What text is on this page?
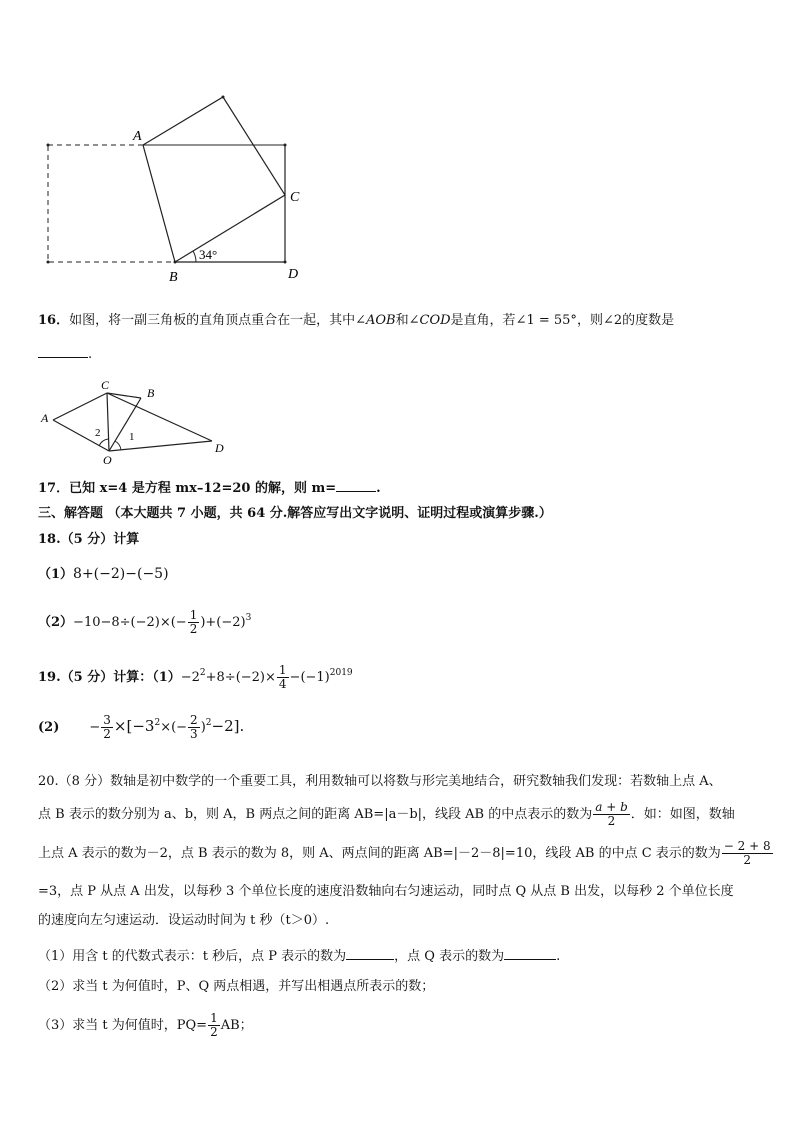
A
B
C
D
34°
16．如图，将一副三角板的直角顶点重合在一起，其中∠AOB和∠COD是直角，若∠1 = 55°，则∠2的度数是
.
C
B
A
O
D
2	1
17．已知 x=4 是方程 mx–12=20 的解，则 m=	.
三、解答题 （本大题共 7 小题，共 64 分.解答应写出文字说明、证明过程或演算步骤.）
18.（5 分）计算
（1）8+(−2)−(−5)
$(2)-10-8\div(-2)\times(- \frac{1}{2} )+(-2)^3$
19.（5 分）计算：$(1)-2^2+8\div(-2)\times \frac{1}{4} -(-1)^{2019}$
$(2) - \frac{3}{2} \times[-3^2\times(- \frac{2}{3} )^2-2]$.
20.（8 分）数轴是初中数学的一个重要工具，利用数轴可以将数与形完美地结合，研究数轴我们发现：若数轴上点 A、
点 B 表示的数分别为 a、b，则 A，B 两点之间的距离 AB=|a－b|，线段 AB 的中点表示的数为 $\frac{a + b}{2}$ ．如：如图，数轴
上点 A 表示的数为－2，点 B 表示的数为 8，则 A、两点间的距离 AB=|－2－8|=10，线段 AB 的中点 C 表示的数为 $\frac{- 2 + 8}{2}$
=3，点 P 从点 A 出发，以每秒 3 个单位长度的速度沿数轴向右匀速运动，同时点 Q 从点 B 出发，以每秒 2 个单位长度
的速度向左匀速运动．设运动时间为 t 秒（t＞0）.
（1）用含 t 的代数式表示：t 秒后，点 P 表示的数为	，点 Q 表示的数为	.
（2）求当 t 为何值时，P、Q 两点相遇，并写出相遇点所表示的数；
（3）求当 t 为何值时，$PQ= \frac{1}{2}$ AB；
